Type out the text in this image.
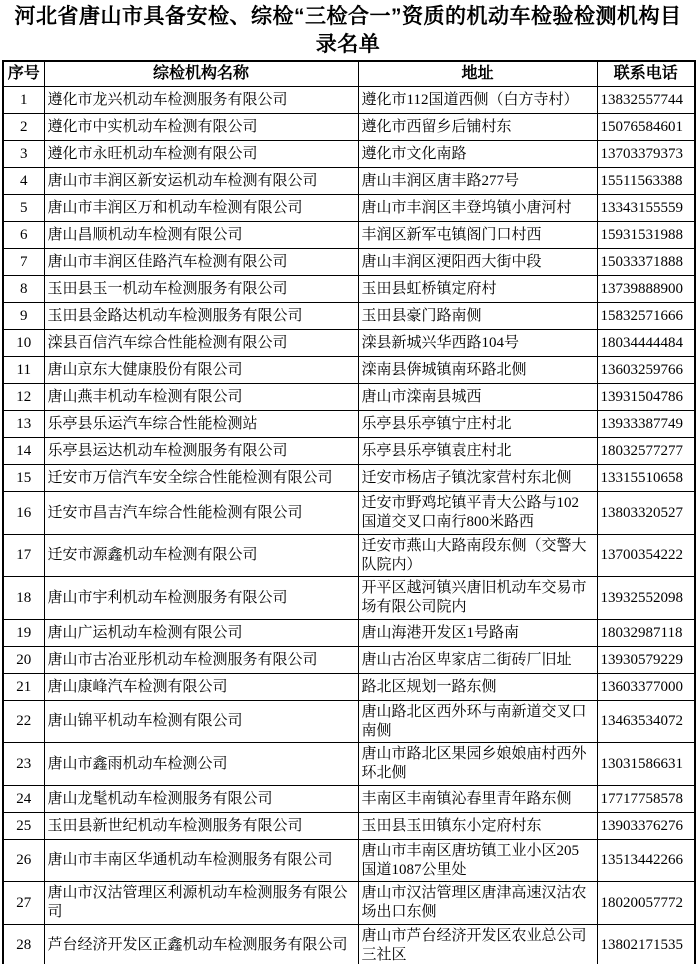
河北省唐山市具备安检、综检“三检合一”资质的机动车检验检测机构目录名单
序号	综检机构名称	地址	联系电话
1	遵化市龙兴机动车检测服务有限公司	遵化市112国道西侧（白方寺村）	13832557744
2	遵化市中实机动车检测有限公司	遵化市西留乡后铺村东	15076584601
3	遵化市永旺机动车检测有限公司	遵化市文化南路	13703379373
4	唐山市丰润区新安运机动车检测有限公司	唐山丰润区唐丰路277号	15511563388
5	唐山市丰润区万和机动车检测有限公司	唐山市丰润区丰登坞镇小唐河村	13343155559
6	唐山昌顺机动车检测有限公司	丰润区新军屯镇阁门口村西	15931531988
7	唐山市丰润区佳路汽车检测有限公司	唐山丰润区浭阳西大街中段	15033371888
8	玉田县玉一机动车检测服务有限公司	玉田县虹桥镇定府村	13739888900
9	玉田县金路达机动车检测服务有限公司	玉田县豪门路南侧	15832571666
10	滦县百信汽车综合性能检测有限公司	滦县新城兴华西路104号	18034444484
11	唐山京东大健康股份有限公司	滦南县倴城镇南环路北侧	13603259766
12	唐山燕丰机动车检测有限公司	唐山市滦南县城西	13931504786
13	乐亭县乐运汽车综合性能检测站	乐亭县乐亭镇宁庄村北	13933387749
14	乐亭县运达机动车检测服务有限公司	乐亭县乐亭镇袁庄村北	18032577277
15	迁安市万信汽车安全综合性能检测有限公司	迁安市杨店子镇沈家营村东北侧	13315510658
16	迁安市昌吉汽车综合性能检测有限公司	迁安市野鸡坨镇平青大公路与102国道交叉口南行800米路西	13803320527
17	迁安市源鑫机动车检测有限公司	迁安市燕山大路南段东侧（交警大队院内）	13700354222
18	唐山市宇利机动车检测服务有限公司	开平区越河镇兴唐旧机动车交易市场有限公司院内	13932552098
19	唐山广运机动车检测有限公司	唐山海港开发区1号路南	18032987118
20	唐山市古冶亚彤机动车检测服务有限公司	唐山古冶区卑家店二街砖厂旧址	13930579229
21	唐山康峰汽车检测有限公司	路北区规划一路东侧	13603377000
22	唐山锦平机动车检测有限公司	唐山路北区西外环与南新道交叉口南侧	13463534072
23	唐山市鑫雨机动车检测公司	唐山市路北区果园乡娘娘庙村西外环北侧	13031586631
24	唐山龙髦机动车检测服务有限公司	丰南区丰南镇沁春里青年路东侧	17717758578
25	玉田县新世纪机动车检测服务有限公司	玉田县玉田镇东小定府村东	13903376276
26	唐山市丰南区华通机动车检测服务有限公司	唐山市丰南区唐坊镇工业小区205国道1087公里处	13513442266
27	唐山市汉沽管理区利源机动车检测服务有限公司	唐山市汉沽管理区唐津高速汉沽农场出口东侧	18020057772
28	芦台经济开发区正鑫机动车检测服务有限公司	唐山市芦台经济开发区农业总公司三社区	13802171535
